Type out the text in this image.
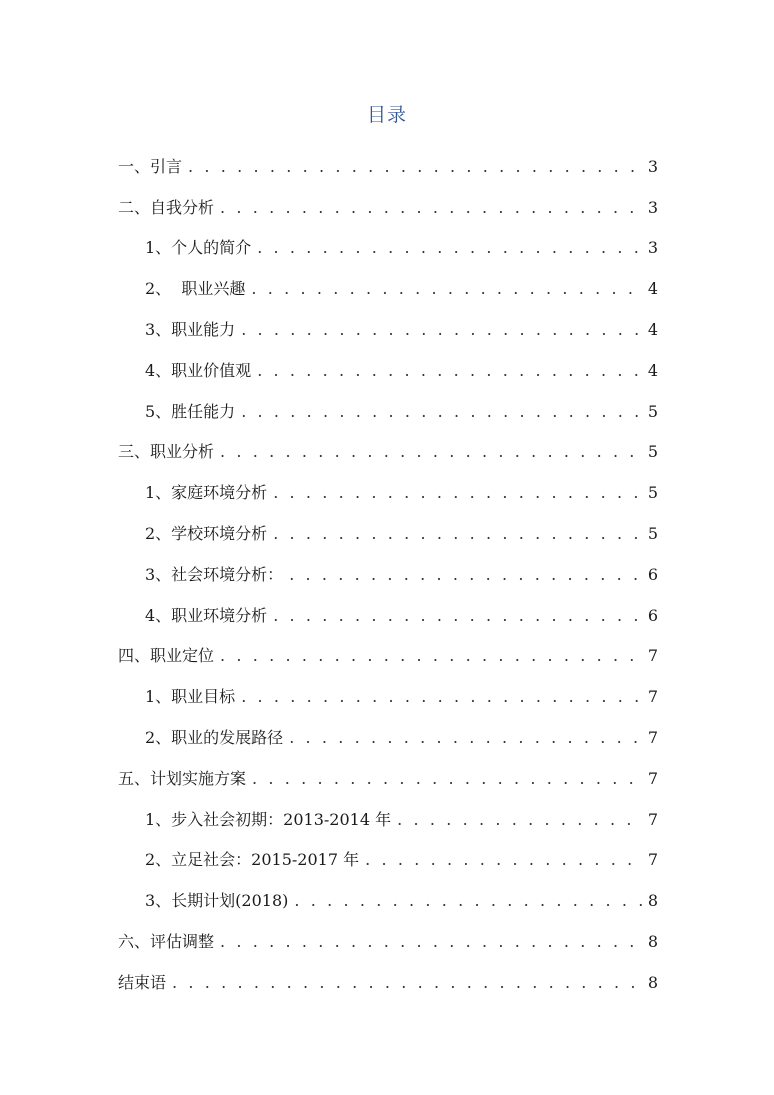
目录
一、引言 . . .	3
二、自我分析 . . .	3
1、个人的简介 . . .	3
2、  职业兴趣 . . .	4
3、职业能力 . . .	4
4、职业价值观 . . .	4
5、胜任能力 . . .	5
三、职业分析 . . .	5
1、家庭环境分析 . . .	5
2、学校环境分析 . . .	5
3、社会环境分析： . . .	6
4、职业环境分析 . . .	6
四、职业定位 . . .	7
1、职业目标 . . .	7
2、职业的发展路径 . . .	7
五、计划实施方案 . . .	7
1、步入社会初期：2013-2014 年 . . .	7
2、立足社会：2015-2017 年 . . .	7
3、长期计划(2018) . . .	8
六、评估调整 . . .	8
结束语 . . .	8
